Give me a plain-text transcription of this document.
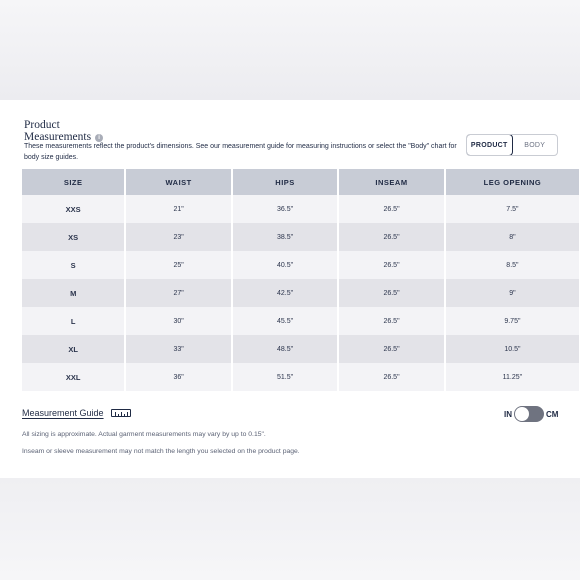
Product
Measurements i
These measurements reflect the product's dimensions. See our measurement guide for measuring instructions or select the "Body" chart for body size guides.
PRODUCT	BODY
SIZE	WAIST	HIPS	INSEAM	LEG OPENING
XXS	21"	36.5"	26.5"	7.5"
XS	23"	38.5"	26.5"	8"
S	25"	40.5"	26.5"	8.5"
M	27"	42.5"	26.5"	9"
L	30"	45.5"	26.5"	9.75"
XL	33"	48.5"	26.5"	10.5"
XXL	36"	51.5"	26.5"	11.25"
Measurement Guide	IN	CM
All sizing is approximate. Actual garment measurements may vary by up to 0.15".
Inseam or sleeve measurement may not match the length you selected on the product page.
